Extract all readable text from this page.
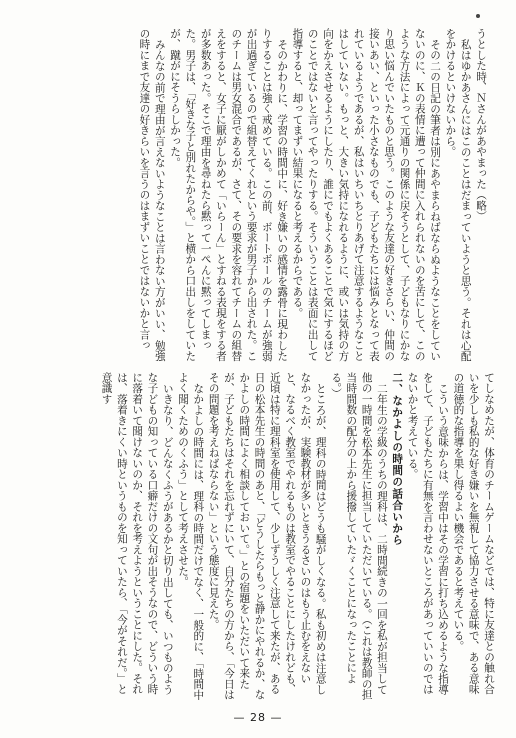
うとした時、Ｎさんがあやまった（略）

私はゆかあさんにはこのことはだまっていようと思う。それは心配をかけるといけないから。

その二の日記の筆者は別にあやまらねばならぬようなことをしていないのに、Ｋの表情に遭って仲間に入れられないのを苦にして、このような方法によって元通りの関係に戻そうとして、子どもなりにかなり思い悩んでいたものと思う。このような友達の好きさらい、仲間の接いあい、といった小さなものでも、子どもたちには悩みとなって表れているようであるが、私はいちいちとりあげて注意するようなことはしていない。もっと、大きい気持になれるように、或いは気持の方向をかえさせるようにしたり、誰にでもよくあることで気にするほどのことではないと言ってやったりする。そういうことは表面に出して指導すると、却ってまずい結果になると考えるからである。

そのかわりに、学習の時間中に、好き嫌いの感情を露骨に現わしたりすることは強く戒めている。この前、ボートボールのチームが強弱が出過ぎているので組替えてくれという要求が男子から出された。このチームは男女混合であるが、さて、その要求を容れてチームの組替えをすると、女子に厭がしかめて「いらーん」とすねる表現をする者が多数あった。そこで理由を尋ねたら黙って一ぺんに黙ってしまった。男子は、「好きな子と別れたからや。」と横から口出しをしていたが、蹴がにそうらしかった。

みんなの前で理由が言えないようなことは言わない方がいい、勉強の時にまで友達の好きらいを言うのはまずいことではないかと言っ

てしなめたが、体育のチームゲームなどでは、特に友達との触れ合いを少しも私的な好き嫌いを無視して協力させる意味で、ある意味の道徳的な指導を果し得るよい機会であると考えている。

こういう意味からは、学習中はその学習に打ち込めるような指導をして、子どもたちに有無を言わせないところがあっていいのではないかと考えている。

二、なかよしの時間の話合いから

二年生の学級のうちの理科は、二時間続きの一回を私が担当して他の一時間を松本先生に担当していただいている。（これは教師の担当時間数の配分の上から援撥していたゞくことになったことによる。）

ところが、理科の時間はどうも騒がしくなる。私も初めは注意しなかったが、実験教材が多いときうるさいのはもう止むをえないと、なるべく教室でやれるものは教室でやることにしたけれども、近頃は特に理科室を使用して、少しずうしく注意して来たが、ある日の松本先生の時間のあと、「どうしたらもっと静かにやれるか、なかよしの時間によく相談しておいて。」との宿題をいただいて来たが、子どもたちはそれを忘れずにいて、自分たちの方から、「今日はその問題を考えねばならない」という態度に見えた。

なかよしの時間には、理科の時間だけでなく、一般的に、「時間中よく聞くためのくふう」として考えさせた。

いきなり、どんなくふうがあるかと切り出しても、いつものような子どもの知っている口癖だけの文句が出そうなので、どういう時に落着いて聞けないのか、それを考えようということにした。それは、落着きにくい時というものを知っていたら、「今がそれだ。」と意識す

— 28 —
